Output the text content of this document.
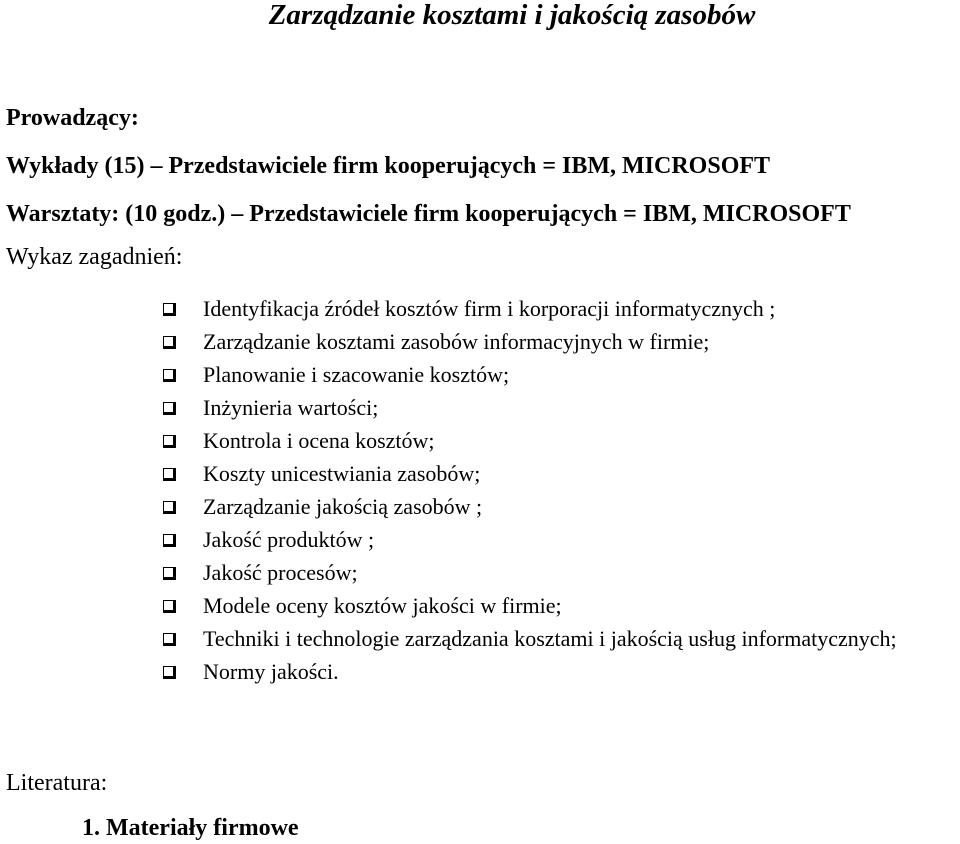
Zarządzanie kosztami i jakością zasobów
Prowadzący:
Wykłady (15) – Przedstawiciele firm kooperujących = IBM, MICROSOFT
Warsztaty: (10 godz.) – Przedstawiciele firm kooperujących = IBM, MICROSOFT
Wykaz zagadnień:
Identyfikacja źródeł kosztów firm i korporacji informatycznych ;
Zarządzanie kosztami zasobów informacyjnych w firmie;
Planowanie i szacowanie kosztów;
Inżynieria wartości;
Kontrola i ocena kosztów;
Koszty unicestwiania zasobów;
Zarządzanie jakością zasobów ;
Jakość produktów ;
Jakość procesów;
Modele oceny kosztów jakości w firmie;
Techniki i technologie zarządzania kosztami i jakością usług informatycznych;
Normy jakości.
Literatura:
1. Materiały firmowe
